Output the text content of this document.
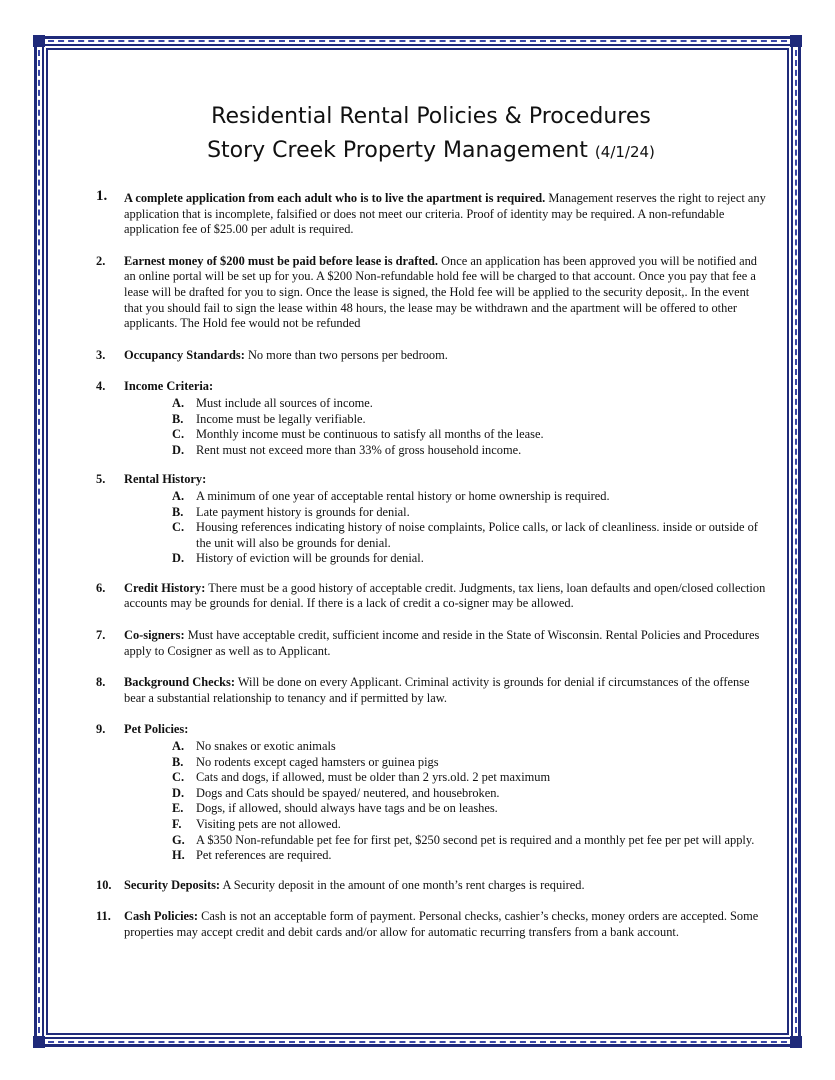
Residential Rental Policies & Procedures
Story Creek Property Management (4/1/24)
1.	A complete application from each adult who is to live the apartment is required. Management reserves the right to reject any application that is incomplete, falsified or does not meet our criteria. Proof of identity may be required. A non-refundable application fee of $25.00 per adult is required.
2.	Earnest money of $200 must be paid before lease is drafted. Once an application has been approved you will be notified and an online portal will be set up for you. A $200 Non-refundable hold fee will be charged to that account. Once you pay that fee a lease will be drafted for you to sign. Once the lease is signed, the Hold fee will be applied to the security deposit,. In the event that you should fail to sign the lease within 48 hours, the lease may be withdrawn and the apartment will be offered to other applicants. The Hold fee would not be refunded
3.	Occupancy Standards: No more than two persons per bedroom.
4.	Income Criteria:
A. Must include all sources of income.
B. Income must be legally verifiable.
C. Monthly income must be continuous to satisfy all months of the lease.
D. Rent must not exceed more than 33% of gross household income.
5.	Rental History:
A. A minimum of one year of acceptable rental history or home ownership is required.
B. Late payment history is grounds for denial.
C. Housing references indicating history of noise complaints, Police calls, or lack of cleanliness. inside or outside of the unit will also be grounds for denial.
D. History of eviction will be grounds for denial.
6.	Credit History: There must be a good history of acceptable credit. Judgments, tax liens, loan defaults and open/closed collection accounts may be grounds for denial. If there is a lack of credit a co-signer may be allowed.
7.	Co-signers: Must have acceptable credit, sufficient income and reside in the State of Wisconsin. Rental Policies and Procedures apply to Cosigner as well as to Applicant.
8.	Background Checks: Will be done on every Applicant. Criminal activity is grounds for denial if circumstances of the offense bear a substantial relationship to tenancy and if permitted by law.
9.	Pet Policies:
A. No snakes or exotic animals
B. No rodents except caged hamsters or guinea pigs
C. Cats and dogs, if allowed, must be older than 2 yrs.old. 2 pet maximum
D. Dogs and Cats should be spayed/ neutered, and housebroken.
E. Dogs, if allowed, should always have tags and be on leashes.
F. Visiting pets are not allowed.
G. A $350 Non-refundable pet fee for first pet, $250 second pet is required and a monthly pet fee per pet will apply.
H. Pet references are required.
10.	Security Deposits: A Security deposit in the amount of one month’s rent charges is required.
11.	Cash Policies: Cash is not an acceptable form of payment. Personal checks, cashier’s checks, money orders are accepted. Some properties may accept credit and debit cards and/or allow for automatic recurring transfers from a bank account.
